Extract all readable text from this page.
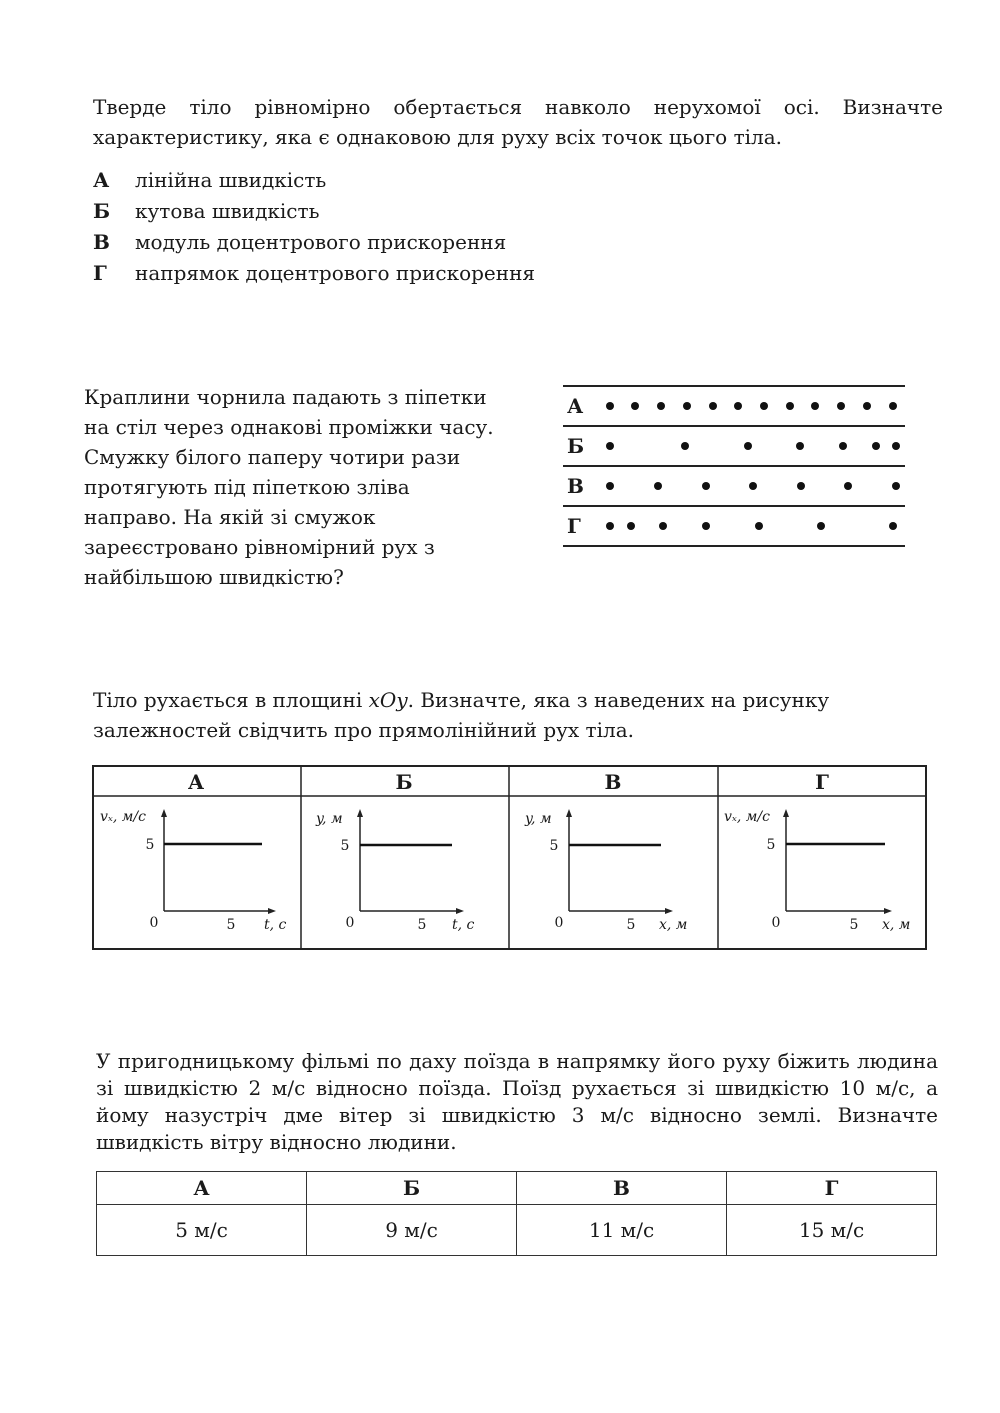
Тверде тіло рівномірно обертається навколо нерухомої осі. Визначте характеристику, яка є однаковою для руху всіх точок цього тіла.
А лінійна швидкість
Б кутова швидкість
В модуль доцентрового прискорення
Г напрямок доцентрового прискорення
Краплини чорнила падають з піпетки
на стіл через однакові проміжки часу.
Смужку білого паперу чотири рази
протягують під піпеткою зліва
направо. На якій зі смужок
зареєстровано рівномірний рух з
найбільшою швидкістю?
А
Б
В
Г
Тіло рухається в площині xOy. Визначте, яка з наведених на рисунку залежностей свідчить про прямолінійний рух тіла.
А
vₓ, м/с
t, с
5
5
0
Б
y, м
t, с
5
5
0
В
y, м
x, м
5
5
0
Г
vₓ, м/с
x, м
5
5
0
У пригодницькому фільмі по даху поїзда в напрямку його руху біжить людина зі швидкістю 2 м/с відносно поїзда. Поїзд рухається зі швидкістю 10 м/с, а йому назустріч дме вітер зі швидкістю 3 м/с відносно землі. Визначте швидкість вітру відносно людини.
А	Б	В	Г
5 м/с	9 м/с	11 м/с	15 м/с
